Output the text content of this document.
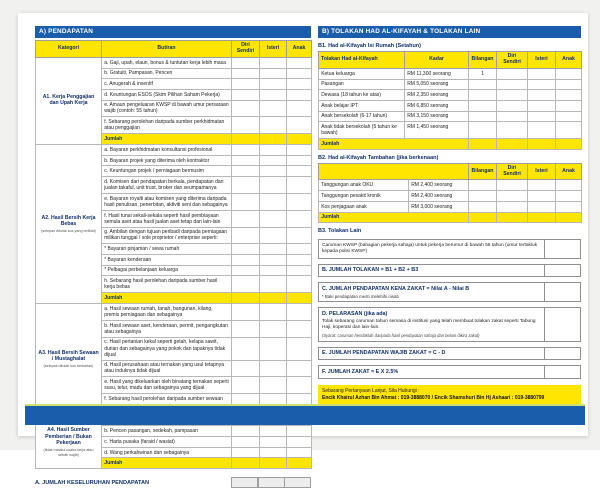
A) PENDAPATAN
Kategori	Butiran	Diri Sendiri	Isteri	Anak
A1. Kerja Penggajian dan Upah Kerja	a. Gaji, upah, elaun, bonus & tuntutan kerja lebih masa			
	b. Gratuiti, Pampasan, Pencen			
	c. Anugerah & insentif			
	d. Keuntungan ESOS (Skim Pilihan Saham Pekerja)			
	e. Amaun pengeluaran KWSP di bawah umur persaraan wajib (contoh: 55 tahun)			
	f. Sebarang perolehan daripada sumber perkhidmatan atau penggajian			
	Jumlah			
A2. Hasil Bersih Kerja Bebas
(selepas ditolak kos yang terlibat)	a. Bayaran perkhidmatan konsultansi profesional			
	b. Bayaran projek yang diterima oleh kontraktor			
	c. Keuntungan projek / perniagaan bermusim			
	d. Komisen dari pendapatan berkala, pendapatan dari jualan takaful, unit trust, broker dan seumpamanya			
	e. Bayaran royalti atau komisen yang diterima daripada hasil penulisan, penerbitan, aktiviti seni dan sebagainya			
	f. Hasil tunai sekali-sekala seperti hasil pembiayaan semula aset atau hasil jualan aset tetap dan lain-lain			
	g. Ambilan dengan tujuan peribadi daripada perniagaan milikan tunggal / sole proprietor / enterprise seperti:			
	* Bayaran pinjaman / sewa rumah			
	* Bayaran kenderaan			
	* Pelbagai perbelanjaan keluarga			
	h. Sebarang hasil perolehan daripada sumber hasil kerja bebas			
	Jumlah			
A3. Hasil Bersih Sewaan / Mustaghalat
(selepas ditolak kos berkaitan)	a. Hasil sewaan rumah, tanah, bangunan, kilang, premis perniagaan dan sebagainya			
	b. Hasil sewaan aset, kenderaan, permit, pengangkutan atau sebagainya			
	c. Hasil pertanian kekal seperti getah, kelapa sawit, durian dan sebagainya yang pokok dan tapaknya tidak dijual			
	d. Hasil perusahaan atau ternakan yang usul tetapnya atau induknya tidak dijual			
	e. Hasil yang dikeluarkan oleh binatang ternakan seperti susu, telur, madu dan sebagainya yang dijual			
	f. Sebarang hasil perolehan daripada sumber sewaan			

A4. Hasil Sumber Pemberian / Bukan Pekerjaan
(tidak melalui usaha kerja atau sebab wajib)

	b. Pencen pasangan, sedekah, pampasan			
	c. Harta pusaka (faraid / wasiat)			
	d. Wang perkahwinan dan sebagainya			
	Jumlah			
A. JUMLAH KESELURUHAN PENDAPATAN
B) TOLAKAN HAD AL-KIFAYAH & TOLAKAN LAIN
B1. Had al-Kifayah Isi Rumah (Setahun)
Tolakan Had al-Kifayah	Kadar	Bilangan	Diri Sendiri	Isteri	Anak
Ketua keluarga	RM 11,300 seorang	1			
Pasangan	RM 5,050 seorang				
Dewasa (18 tahun ke atas)	RM 2,350 seorang				
Anak belajar IPT	RM 6,850 seorang				
Anak bersekolah (6-17 tahun)	RM 3,150 seorang				
Anak tidak bersekolah (5 tahun ke bawah)	RM 1,450 seorang				
Jumlah					
B2. Had al-Kifayah Tambahan (jika berkenaan)
		Bilangan	Diri Sendiri	Isteri	Anak
Tanggungan anak OKU	RM 2,400 seorang				
Tanggungan pesakit kronik	RM 2,400 seorang				
Kos penjagaan anak	RM 3,000 seorang				
Jumlah					
B3. Tolakan Lain
Caruman KWSP (bahagian pekerja sahaja) untuk pekerja berumur di bawah 55 tahun (umur tertakluk kepada polisi KWSP)
B. JUMLAH TOLAKAN = B1 + B2 + B3
C. JUMLAH PENDAPATAN KENA ZAKAT = Nilai A - Nilai B
* Baki pendapatan mesti melebihi nisab
D. PELARASAN (jika ada)
Tolak sebarang caruman tahun semasa di institusi yang telah membuat tolakan zakat seperti Tabung Haji, koperasi dan lain-lain.
(Syarat: caruman hendaklah daripada hasil pendapatan sahaja dan belum dikira zakat)
E. JUMLAH PENDAPATAN WAJIB ZAKAT = C - D
F. JUMLAH ZAKAT = E X 2.5%
Sebarang Pertanyaan Lanjut, Sila Hubungi :
Encik Khairul Azhan Bin Ahmat : 019-3888070 / Encik Shamshuri Bin Hj Ashaari : 019-3880799
